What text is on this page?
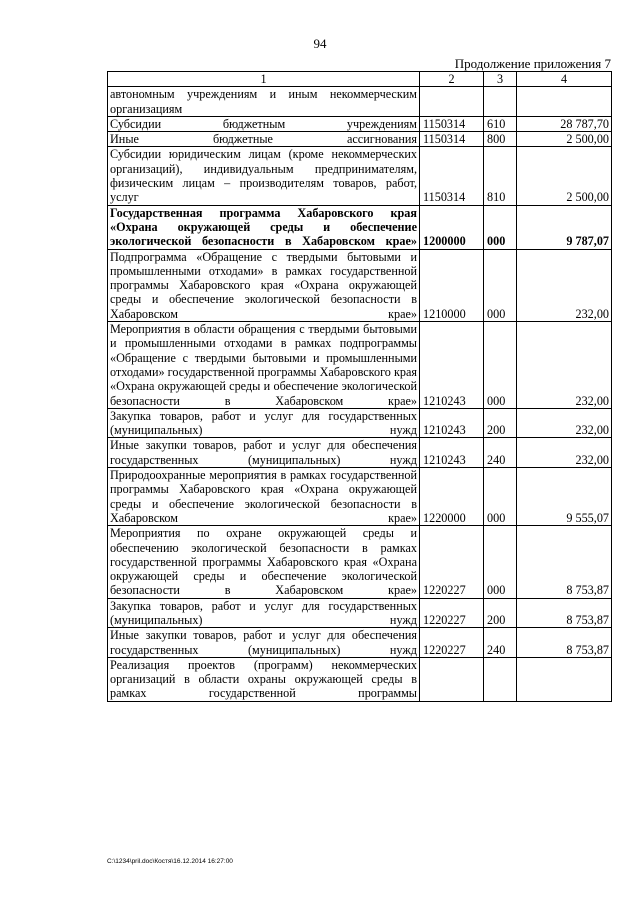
94
Продолжение приложения 7
1	2	3	4
автономным учреждениям и иным некоммерческим организациям			
Субсидии бюджетным учреждениям	1150314	610	28 787,70
Иные бюджетные ассигнования	1150314	800	2 500,00
Субсидии юридическим лицам (кроме некоммерческих организаций), индивидуальным предпринимателям, физическим лицам – производителям товаров, работ, услуг	1150314	810	2 500,00
Государственная программа Хабаровского края «Охрана окружающей среды и обеспечение экологической безопасности в Хабаровском крае»	1200000	000	9 787,07
Подпрограмма «Обращение с твердыми бытовыми и промышленными отходами» в рамках государственной программы Хабаровского края «Охрана окружающей среды и обеспечение экологической безопасности в Хабаровском крае»	1210000	000	232,00
Мероприятия в области обращения с твердыми бытовыми и промышленными отходами в рамках подпрограммы «Обращение с твердыми бытовыми и промышленными отходами» государственной программы Хабаровского края «Охрана окружающей среды и обеспечение экологической безопасности в Хабаровском крае»	1210243	000	232,00
Закупка товаров, работ и услуг для государственных (муниципальных) нужд	1210243	200	232,00
Иные закупки товаров, работ и услуг для обеспечения государственных (муниципальных) нужд	1210243	240	232,00
Природоохранные мероприятия в рамках государственной программы Хабаровского края «Охрана окружающей среды и обеспечение экологической безопасности в Хабаровском крае»	1220000	000	9 555,07
Мероприятия по охране окружающей среды и обеспечению экологической безопасности в рамках государственной программы Хабаровского края «Охрана окружающей среды и обеспечение экологической безопасности в Хабаровском крае»	1220227	000	8 753,87
Закупка товаров, работ и услуг для государственных (муниципальных) нужд	1220227	200	8 753,87
Иные закупки товаров, работ и услуг для обеспечения государственных (муниципальных) нужд	1220227	240	8 753,87
Реализация проектов (программ) некоммерческих организаций в области охраны окружающей среды в рамках государственной программы			
C:\1234\pril.doc\Костя\16.12.2014 16:27:00
